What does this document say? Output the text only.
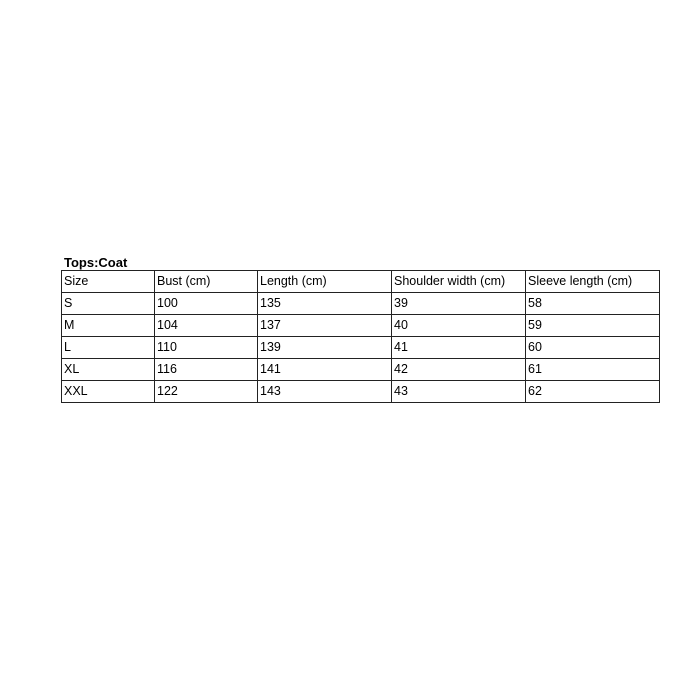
Tops:Coat
Size	Bust (cm)	Length (cm)	Shoulder width (cm)	Sleeve length (cm)
S	100	135	39	58
M	104	137	40	59
L	110	139	41	60
XL	116	141	42	61
XXL	122	143	43	62
